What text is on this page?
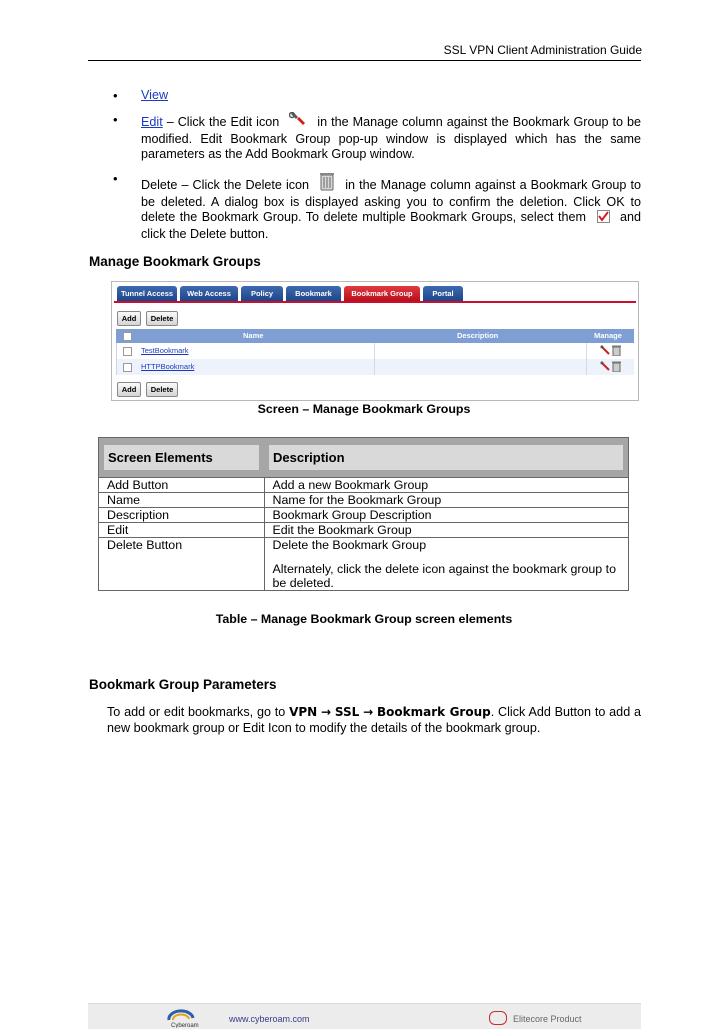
SSL VPN Client Administration Guide
• View
• Edit – Click the Edit icon	in the Manage column against the Bookmark Group to be modified. Edit Bookmark Group pop-up window is displayed which has the same parameters as the Add Bookmark Group window.
• Delete – Click the Delete icon	in the Manage column against a Bookmark Group to be deleted. A dialog box is displayed asking you to confirm the deletion. Click OK to delete the Bookmark Group. To delete multiple Bookmark Groups, select them	and click the Delete button.
Manage Bookmark Groups
Tunnel Access	Web Access	Policy	Bookmark	Bookmark Group	Portal
Add	Delete
Name	Description	Manage
TestBookmark
HTTPBookmark
Add	Delete
Screen – Manage Bookmark Groups
Screen Elements	Description

Add Button	Add a new Bookmark Group
Name	Name for the Bookmark Group
Description	Bookmark Group Description
Edit	Edit the Bookmark Group
Delete Button	Delete the Bookmark Group
Alternately, click the delete icon against the bookmark group to be deleted.
Table – Manage Bookmark Group screen elements
Bookmark Group Parameters
To add or edit bookmarks, go to VPN → SSL → Bookmark Group. Click Add Button to add a new bookmark group or Edit Icon to modify the details of the bookmark group.
Cyberoam
www.cyberoam.com	Elitecore Product
